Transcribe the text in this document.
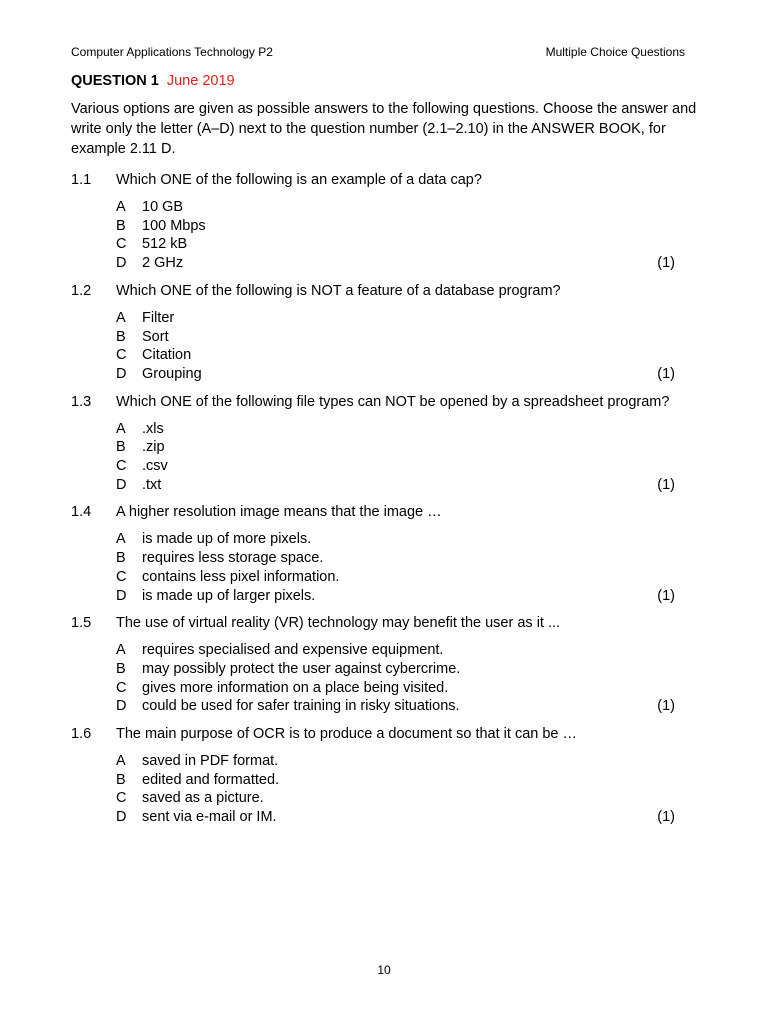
Computer Applications Technology P2	Multiple Choice Questions
QUESTION 1 June 2019
Various options are given as possible answers to the following questions. Choose the answer and write only the letter (A–D) next to the question number (2.1–2.10) in the ANSWER BOOK, for example 2.11 D.
1.1	Which ONE of the following is an example of a data cap?
A	10 GB
B	100 Mbps
C	512 kB
D	2 GHz	(1)
1.2	Which ONE of the following is NOT a feature of a database program?
A	Filter
B	Sort
C	Citation
D	Grouping	(1)
1.3	Which ONE of the following file types can NOT be opened by a spreadsheet program?
A	.xls
B	.zip
C	.csv
D	.txt	(1)
1.4	A higher resolution image means that the image …
A	is made up of more pixels.
B	requires less storage space.
C	contains less pixel information.
D	is made up of larger pixels.	(1)
1.5	The use of virtual reality (VR) technology may benefit the user as it ...
A	requires specialised and expensive equipment.
B	may possibly protect the user against cybercrime.
C	gives more information on a place being visited.
D	could be used for safer training in risky situations.	(1)
1.6	The main purpose of OCR is to produce a document so that it can be …
A	saved in PDF format.
B	edited and formatted.
C	saved as a picture.
D	sent via e-mail or IM.	(1)
10
